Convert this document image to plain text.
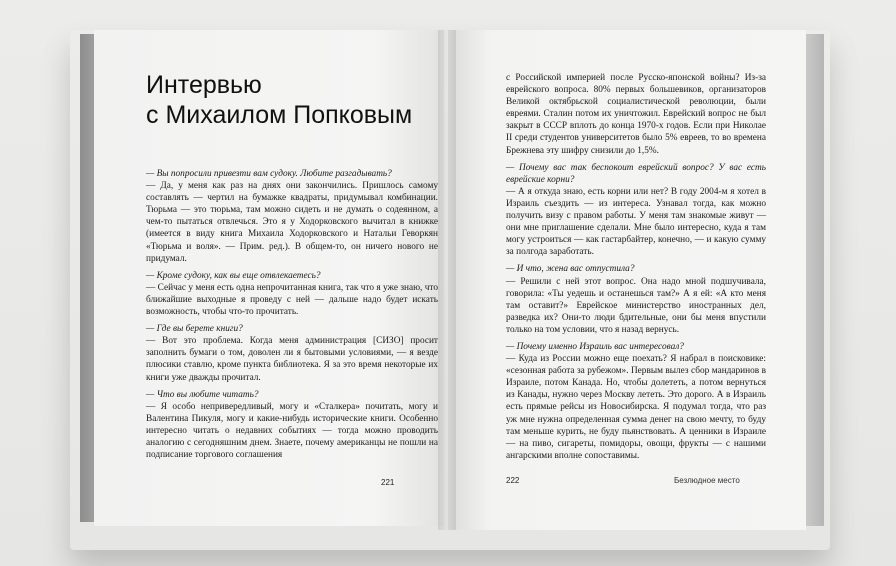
Интервью
с Михаилом Попковым

— Вы попросили привезти вам судоку. Любите разгадывать?

— Да, у меня как раз на днях они закончились. Пришлось самому составлять — чертил на бумажке квадраты, придумывал комбинации. Тюрьма — это тюрьма, там можно сидеть и не думать о содеянном, а чем-то пытаться отвлечься. Это я у Ходорковского вычитал в книжке (имеется в виду книга Михаила Ходорковского и Натальи Геворкян «Тюрьма и воля». — Прим. ред.). В общем-то, он ничего нового не придумал.

— Кроме судоку, как вы еще отвлекаетесь?

— Сейчас у меня есть одна непрочитанная книга, так что я уже знаю, что ближайшие выходные я проведу с ней — дальше надо будет искать возможность, чтобы что-то прочитать.

— Где вы берете книги?

— Вот это проблема. Когда меня администрация [СИЗО] просит заполнить бумаги о том, доволен ли я бытовыми условиями, — я везде плюсики ставлю, кроме пункта библиотека. Я за это время некоторые их книги уже дважды прочитал.

— Что вы любите читать?

— Я особо непривередливый, могу и «Сталкера» почитать, могу и Валентина Пикуля, могу и какие-нибудь исторические книги. Особенно интересно читать о недавних событиях — тогда можно проводить аналогию с сегодняшним днем. Знаете, почему американцы не пошли на подписание торгового соглашения

221

с Российской империей после Русско-японской войны? Из-за еврейского вопроса. 80% первых большевиков, организаторов Великой октябрьской социалистической революции, были евреями. Сталин потом их уничтожил. Еврейский вопрос не был закрыт в СССР вплоть до конца 1970-х годов. Если при Николае II среди студентов университетов было 5% евреев, то во времена Брежнева эту шифру снизили до 1,5%.

— Почему вас так беспокоит еврейский вопрос? У вас есть еврейские корни?

— А я откуда знаю, есть корни или нет? В году 2004-м я хотел в Израиль съездить — из интереса. Узнавал тогда, как можно получить визу с правом работы. У меня там знакомые живут — они мне приглашение сделали. Мне было интересно, куда я там могу устроиться — как гастарбайтер, конечно, — и какую сумму за полгода заработать.

— И что, жена вас отпустила?

— Решили с ней этот вопрос. Она надо мной подшучивала, говорила: «Ты уедешь и останешься там?» А я ей: «А кто меня там оставит?» Еврейское министерство иностранных дел, разведка их? Они-то люди бдительные, они бы меня впустили только на том условии, что я назад вернусь.

— Почему именно Израиль вас интересовал?

— Куда из России можно еще поехать? Я набрал в поисковике: «сезонная работа за рубежом». Первым вылез сбор мандаринов в Израиле, потом Канада. Но, чтобы долететь, а потом вернуться из Канады, нужно через Москву лететь. Это дорого. А в Израиль есть прямые рейсы из Новосибирска. Я подумал тогда, что раз уж мне нужна определенная сумма денег на свою мечту, то буду там меньше курить, не буду пьянствовать. А ценники в Израиле — на пиво, сигареты, помидоры, овощи, фрукты — с нашими ангарскими вполне сопоставимы.

222	Безлюдное место
